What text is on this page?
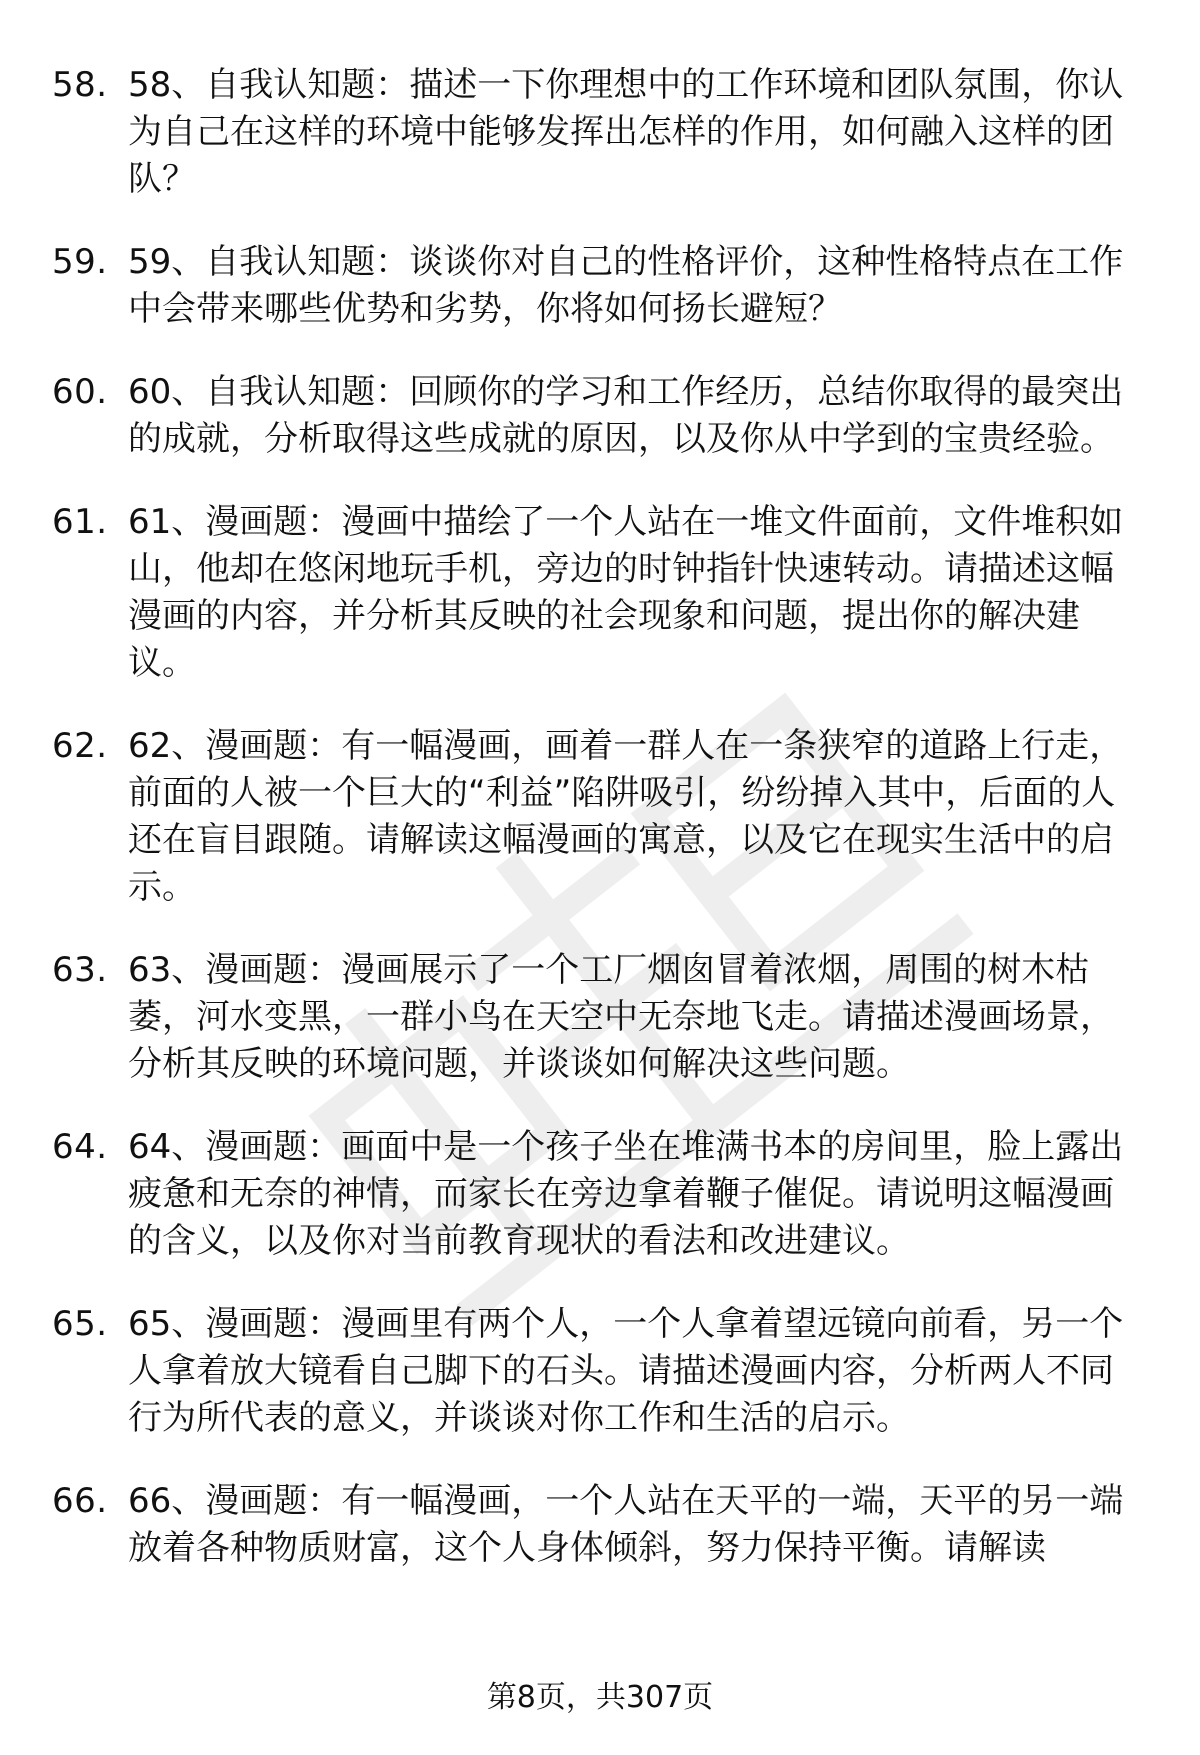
58. 58、自我认知题：描述一下你理想中的工作环境和团队氛围，你认为自己在这样的环境中能够发挥出怎样的作用，如何融入这样的团队？
59. 59、自我认知题：谈谈你对自己的性格评价，这种性格特点在工作中会带来哪些优势和劣势，你将如何扬长避短？
60. 60、自我认知题：回顾你的学习和工作经历，总结你取得的最突出的成就，分析取得这些成就的原因，以及你从中学到的宝贵经验。
61. 61、漫画题：漫画中描绘了一个人站在一堆文件面前，文件堆积如山，他却在悠闲地玩手机，旁边的时钟指针快速转动。请描述这幅漫画的内容，并分析其反映的社会现象和问题，提出你的解决建议。
62. 62、漫画题：有一幅漫画，画着一群人在一条狭窄的道路上行走，前面的人被一个巨大的“利益”陷阱吸引，纷纷掉入其中，后面的人还在盲目跟随。请解读这幅漫画的寓意，以及它在现实生活中的启示。
63. 63、漫画题：漫画展示了一个工厂烟囱冒着浓烟，周围的树木枯萎，河水变黑，一群小鸟在天空中无奈地飞走。请描述漫画场景，分析其反映的环境问题，并谈谈如何解决这些问题。
64. 64、漫画题：画面中是一个孩子坐在堆满书本的房间里，脸上露出疲惫和无奈的神情，而家长在旁边拿着鞭子催促。请说明这幅漫画的含义，以及你对当前教育现状的看法和改进建议。
65. 65、漫画题：漫画里有两个人，一个人拿着望远镜向前看，另一个人拿着放大镜看自己脚下的石头。请描述漫画内容，分析两人不同行为所代表的意义，并谈谈对你工作和生活的启示。
66. 66、漫画题：有一幅漫画，一个人站在天平的一端，天平的另一端放着各种物质财富，这个人身体倾斜，努力保持平衡。请解读
第8页，共307页
